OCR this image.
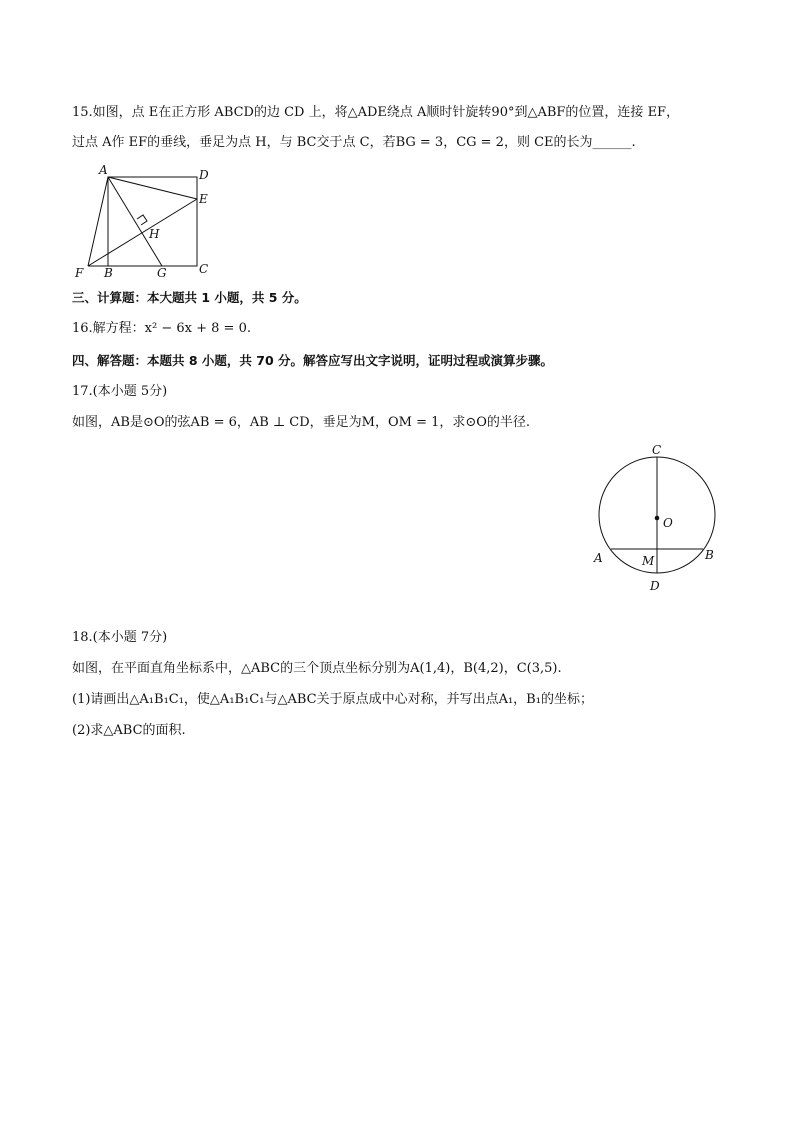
15.如图，点 E在正方形 ABCD的边 CD 上，将△ADE绕点 A顺时针旋转90°到△ABF的位置，连接 EF，
过点 A作 EF的垂线，垂足为点 H，与 BC交于点 C，若BG = 3，CG = 2，则 CE的长为______.
A	D
E
H
F B	G	C
三、计算题：本大题共 1 小题，共 5 分。
16.解方程：x² − 6x + 8 = 0.
四、解答题：本题共 8 小题，共 70 分。解答应写出文字说明，证明过程或演算步骤。
17.(本小题 5分)
如图，AB是⊙O的弦AB = 6，AB ⊥ CD，垂足为M，OM = 1，求⊙O的半径.
C
O
A	M	B
D
18.(本小题 7分)
如图，在平面直角坐标系中，△ABC的三个顶点坐标分别为A(1,4)，B(4,2)，C(3,5).
(1)请画出△A₁B₁C₁，使△A₁B₁C₁与△ABC关于原点成中心对称，并写出点A₁，B₁的坐标；
(2)求△ABC的面积.
